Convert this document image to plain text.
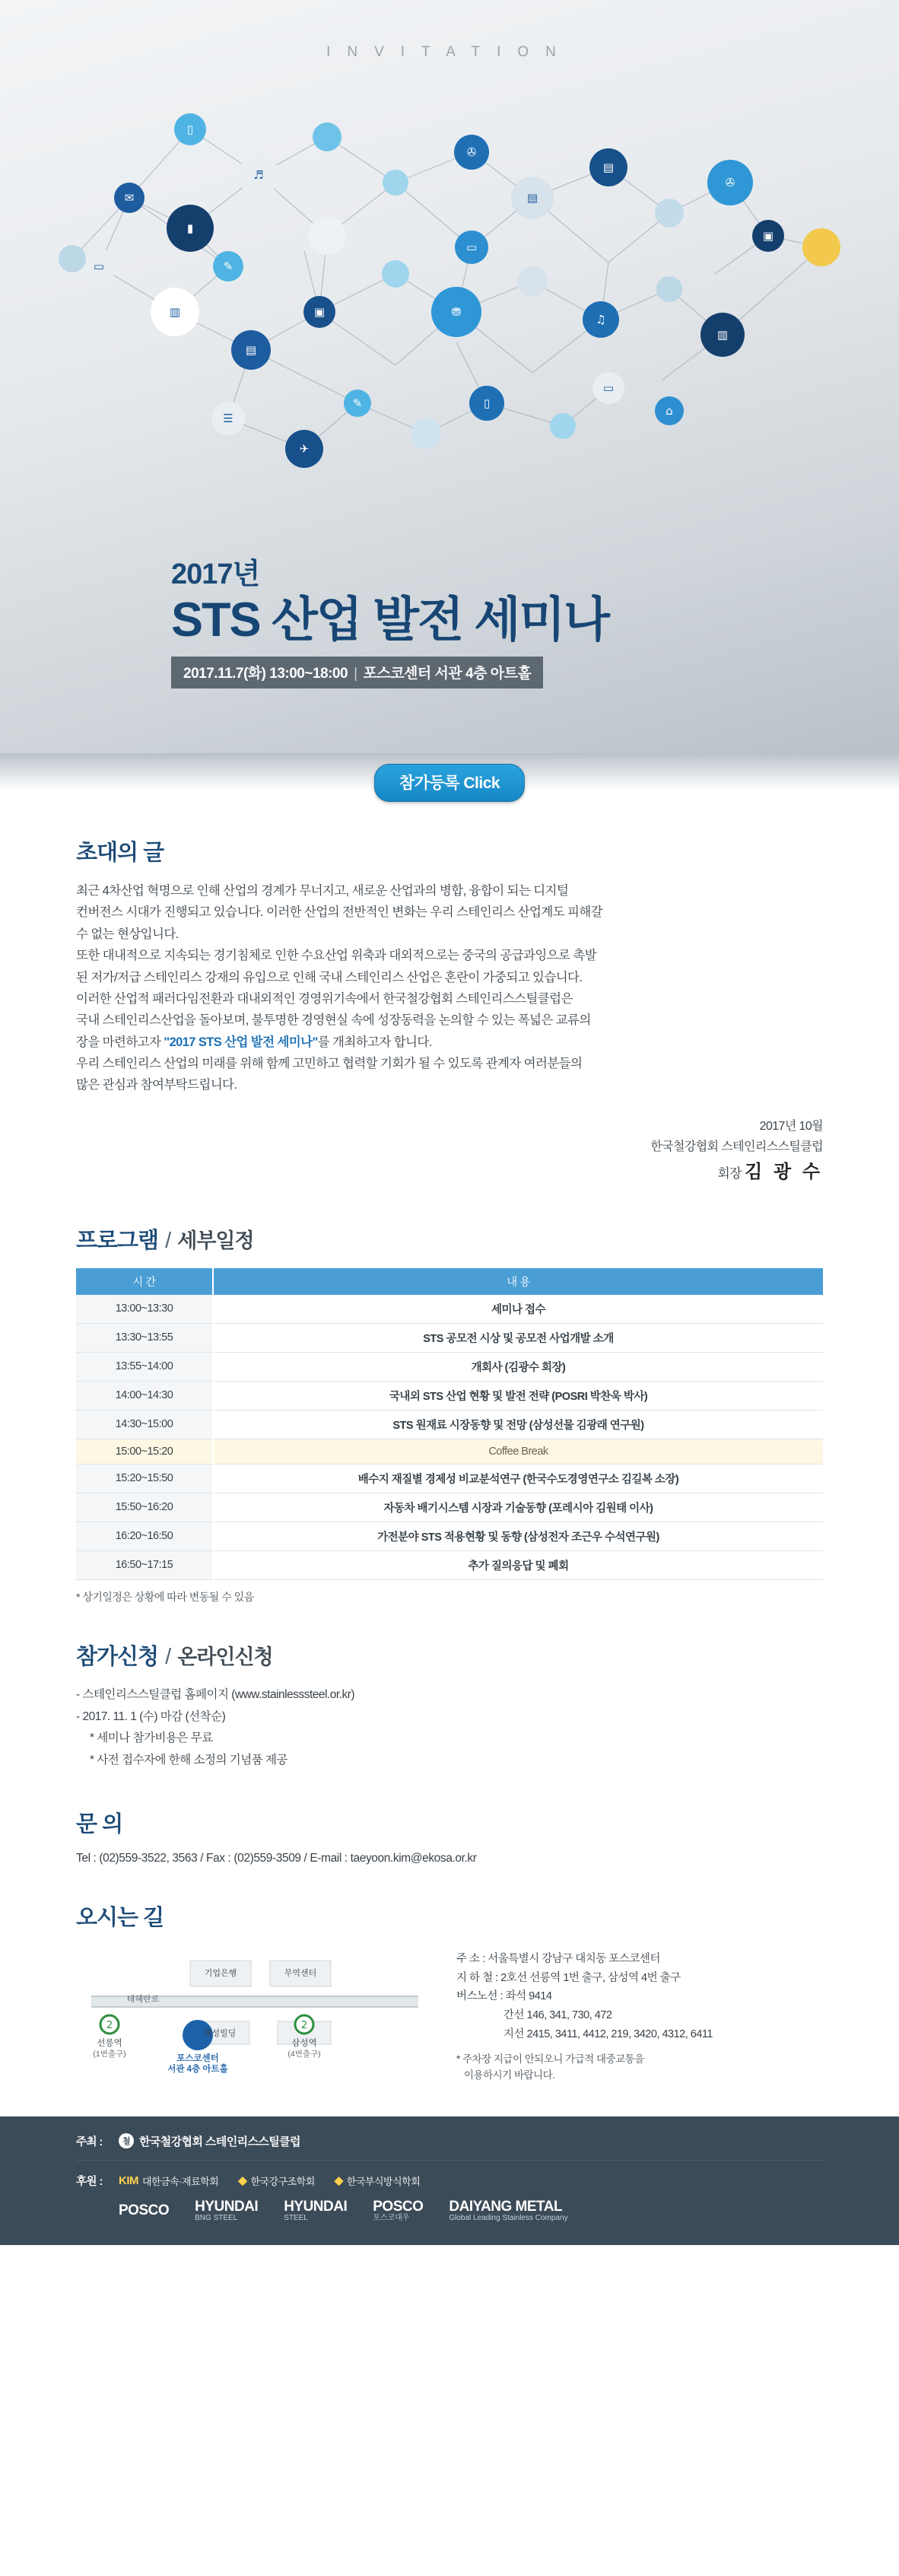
INVITATION
▯
✉
▮
✇
▤
✇
▣
▤
▣	⛃
♫
▥
✈
▯
⌂
▭
✎
✎
♬
▤
▥
▭
☰
▭
2017년
STS 산업 발전 세미나
2017.11.7(화) 13:00~18:00 | 포스코센터 서관 4층 아트홀
참가등록 Click
초대의 글

최근 4차산업 혁명으로 인해 산업의 경계가 무너지고, 새로운 산업과의 병합, 융합이 되는 디지털

컨버전스 시대가 진행되고 있습니다. 이러한 산업의 전반적인 변화는 우리 스테인리스 산업계도 피해갈

수 없는 현상입니다.

또한 대내적으로 지속되는 경기침체로 인한 수요산업 위축과 대외적으로는 중국의 공급과잉으로 촉발

된 저가/저급 스테인리스 강재의 유입으로 인해 국내 스테인리스 산업은 혼란이 가중되고 있습니다.

이러한 산업적 패러다임전환과 대내외적인 경영위기속에서 한국철강협회 스테인리스스틸클럽은

국내 스테인리스산업을 돌아보며, 불투명한 경영현실 속에 성장동력을 논의할 수 있는 폭넓은 교류의

장을 마련하고자 "2017 STS 산업 발전 세미나"를 개최하고자 합니다.

우리 스테인리스 산업의 미래를 위해 함께 고민하고 협력할 기회가 될 수 있도록 관계자 여러분들의

많은 관심과 참여부탁드립니다.

2017년 10월
한국철강협회 스테인리스스틸클럽
회장 김 광 수
프로그램 / 세부일정
시 간	내 용
13:00~13:30	세미나 접수
13:30~13:55	STS 공모전 시상 및 공모전 사업개발 소개
13:55~14:00	개회사 (김광수 회장)
14:00~14:30	국내외 STS 산업 현황 및 발전 전략 (POSRI 박찬욱 박사)
14:30~15:00	STS 원재료 시장동향 및 전망 (삼성선물 김광래 연구원)
15:00~15:20	Coffee Break
15:20~15:50	배수지 재질별 경제성 비교분석연구 (한국수도경영연구소 김길복 소장)
15:50~16:20	자동차 배기시스템 시장과 기술동향 (포레시아 김원태 이사)
16:20~16:50	가전분야 STS 적용현황 및 동향 (삼성전자 조근우 수석연구원)
16:50~17:15	추가 질의응답 및 폐회
* 상기일정은 상황에 따라 변동될 수 있음
참가신청 / 온라인신청
- 스테인리스스틸클럽 홈페이지 (www.stainlesssteel.or.kr)
- 2017. 11. 1 (수) 마감 (선착순)
* 세미나 참가비용은 무료
* 사전 접수자에 한해 소정의 기념품 제공
문 의
Tel : (02)559-3522, 3563 / Fax : (02)559-3509 / E-mail : taeyoon.kim@ekosa.or.kr
오시는 길
2	2
테헤란로
선릉역
(1번출구)
삼성역
(4번출구)
기업은행	무역센터
해성빌딩
포스코센터
서관 4층 아트홀
주 소 : 서울특별시 강남구 대치동 포스코센터
지 하 철 : 2호선 선릉역 1번 출구, 삼성역 4번 출구
버스노선 : 좌석 9414
간선 146, 341, 730, 472
지선 2415, 3411, 4412, 219, 3420, 4312, 6411
* 주차장 지급이 안되오니 가급적 대중교통을
이용하시기 바랍니다.
주최 :	철 한국철강협회 스테인리스스틸클럽
후원 :	KIM 대한금속·재료학회 ◆ 한국강구조학회 ◆ 한국부식방식학회
POSCO HYUNDAI
BNG STEEL
HYUNDAI
STEEL
POSCO
포스코대우
DAIYANG METAL
Global Leading Stainless Company
